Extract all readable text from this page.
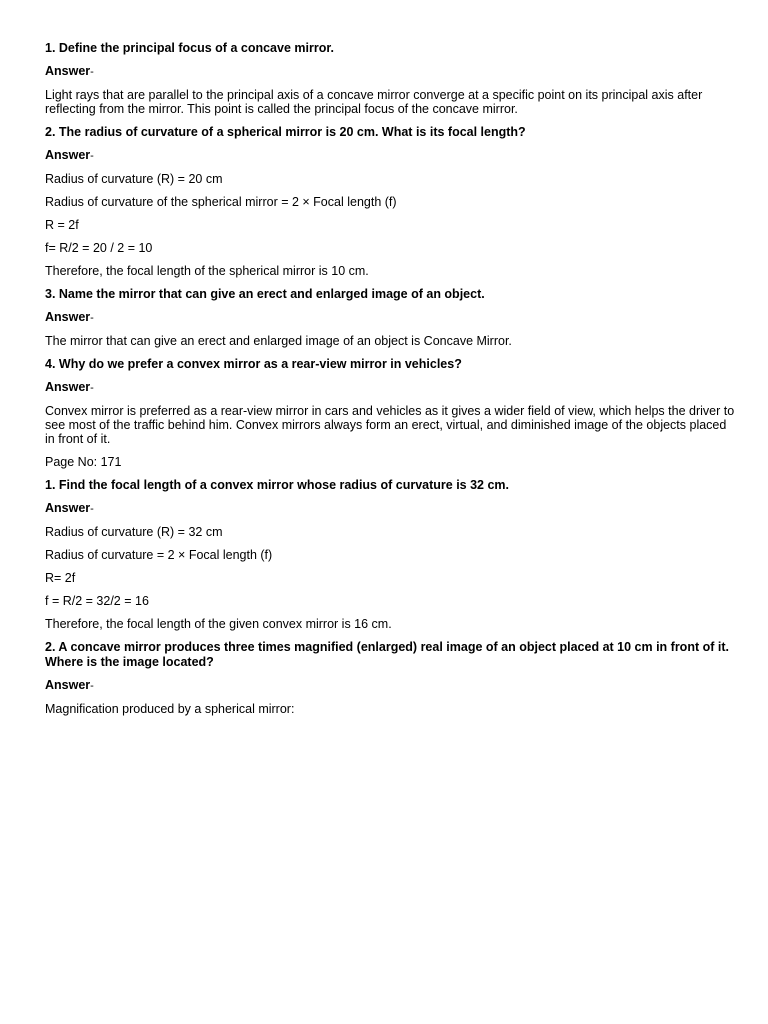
1. Define the principal focus of a concave mirror.
Answer-
Light rays that are parallel to the principal axis of a concave mirror converge at a specific point on its principal axis after reflecting from the mirror. This point is called the principal focus of the concave mirror.
2. The radius of curvature of a spherical mirror is 20 cm. What is its focal length?
Answer-
Radius of curvature (R) = 20 cm
Radius of curvature of the spherical mirror = 2 × Focal length (f)
R = 2f
f= R/2 = 20 / 2 = 10
Therefore, the focal length of the spherical mirror is 10 cm.
3. Name the mirror that can give an erect and enlarged image of an object.
Answer-
The mirror that can give an erect and enlarged image of an object is Concave Mirror.
4. Why do we prefer a convex mirror as a rear-view mirror in vehicles?
Answer-
Convex mirror is preferred as a rear-view mirror in cars and vehicles as it gives a wider field of view, which helps the driver to see most of the traffic behind him. Convex mirrors always form an erect, virtual, and diminished image of the objects placed in front of it.
Page No: 171
1. Find the focal length of a convex mirror whose radius of curvature is 32 cm.
Answer-
Radius of curvature (R) = 32 cm
Radius of curvature = 2 × Focal length (f)
R= 2f
f = R/2 = 32/2 = 16
Therefore, the focal length of the given convex mirror is 16 cm.
2. A concave mirror produces three times magnified (enlarged) real image of an object placed at 10 cm in front of it. Where is the image located?
Answer-
Magnification produced by a spherical mirror:
